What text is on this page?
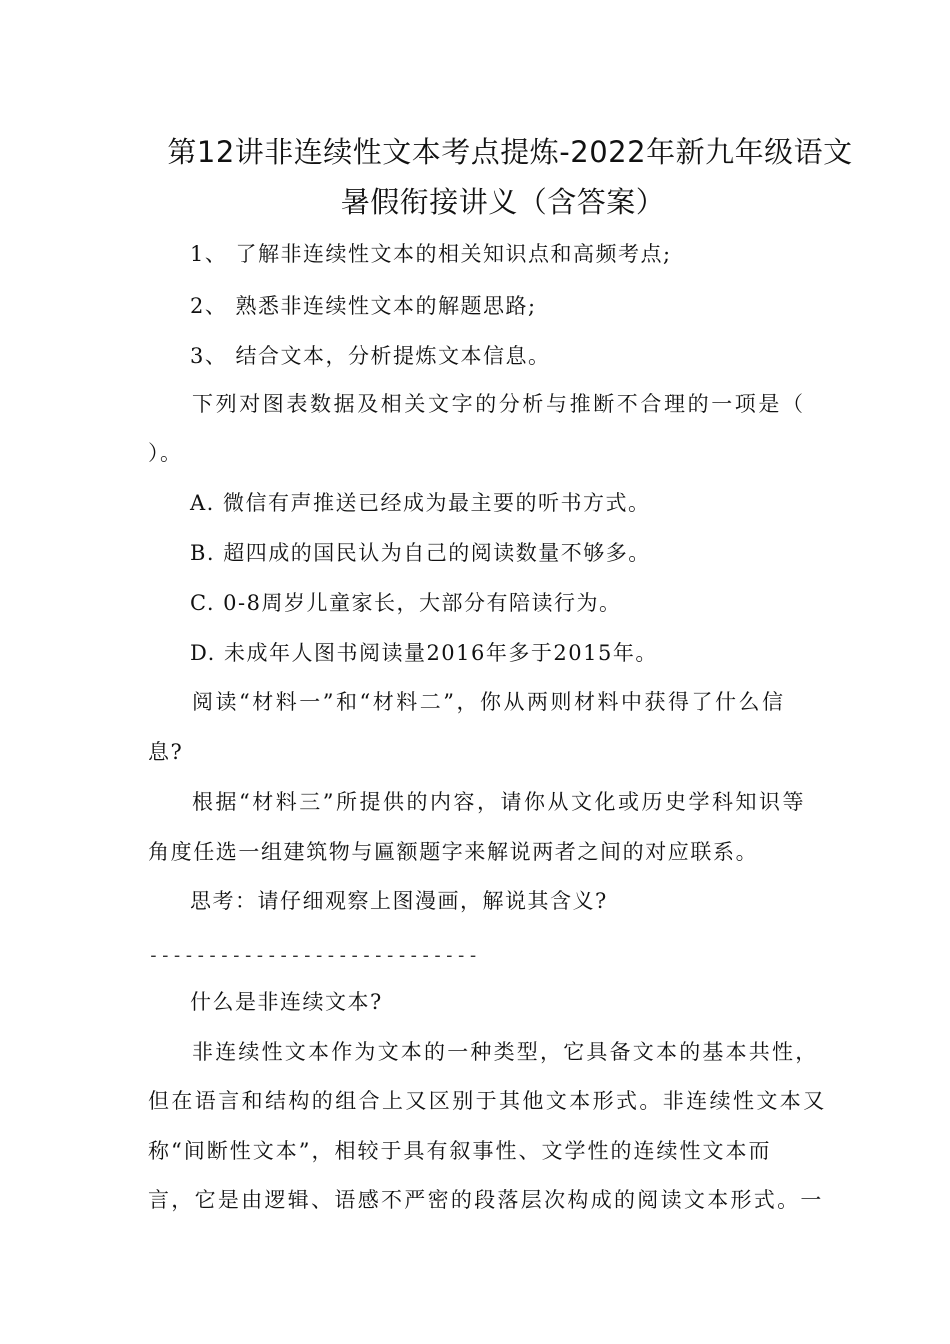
第12讲非连续性文本考点提炼-2022年新九年级语文
暑假衔接讲义（含答案）
1、 了解非连续性文本的相关知识点和高频考点;
2、 熟悉非连续性文本的解题思路;
3、 结合文本，分析提炼文本信息。
下列对图表数据及相关文字的分析与推断不合理的一项是（
）。
A. 微信有声推送已经成为最主要的听书方式。
B. 超四成的国民认为自己的阅读数量不够多。
C. 0-8周岁儿童家长，大部分有陪读行为。
D. 未成年人图书阅读量2016年多于2015年。
阅读“材料一”和“材料二”，你从两则材料中获得了什么信
息?
根据“材料三”所提供的内容，请你从文化或历史学科知识等
角度任选一组建筑物与匾额题字来解说两者之间的对应联系。
思考：请仔细观察上图漫画，解说其含义?
----------------------------
什么是非连续文本?
非连续性文本作为文本的一种类型，它具备文本的基本共性，
但在语言和结构的组合上又区别于其他文本形式。非连续性文本又
称“间断性文本”，相较于具有叙事性、文学性的连续性文本而
言，它是由逻辑、语感不严密的段落层次构成的阅读文本形式。一
